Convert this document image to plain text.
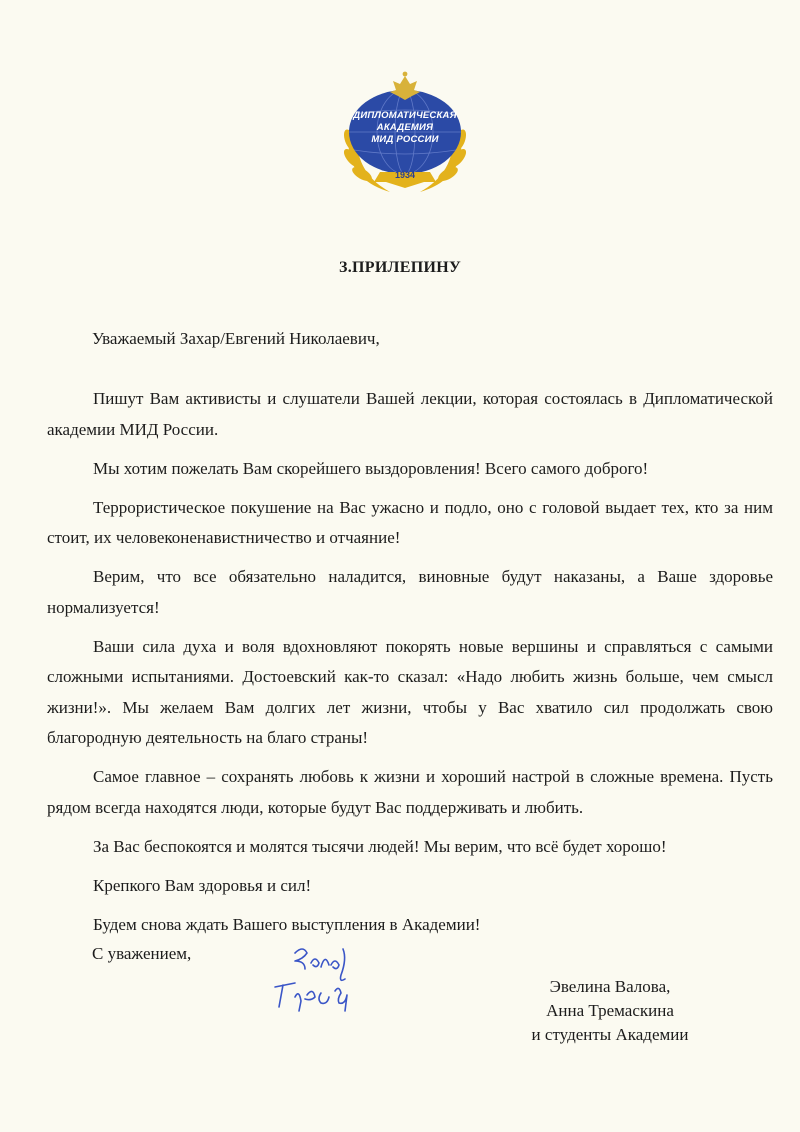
ДИПЛОМАТИЧЕСКАЯ
АКАДЕМИЯ
МИД РОССИИ
1934
З.ПРИЛЕПИНУ
Уважаемый Захар/Евгений Николаевич,

Пишут Вам активисты и слушатели Вашей лекции, которая состоялась в Дипломатической академии МИД России.

Мы хотим пожелать Вам скорейшего выздоровления! Всего самого доброго!

Террористическое покушение на Вас ужасно и подло, оно с головой выдает тех, кто за ним стоит, их человеконенавистничество и отчаяние!

Верим, что все обязательно наладится, виновные будут наказаны, а Ваше здоровье нормализуется!

Ваши сила духа и воля вдохновляют покорять новые вершины и справляться с самыми сложными испытаниями. Достоевский как-то сказал: «Надо любить жизнь больше, чем смысл жизни!». Мы желаем Вам долгих лет жизни, чтобы у Вас хватило сил продолжать свою благородную деятельность на благо страны!

Самое главное – сохранять любовь к жизни и хороший настрой в сложные времена. Пусть рядом всегда находятся люди, которые будут Вас поддерживать и любить.

За Вас беспокоятся и молятся тысячи людей! Мы верим, что всё будет хорошо!

Крепкого Вам здоровья и сил!

Будем снова ждать Вашего выступления в Академии!

С уважением,
Эвелина Валова,
Анна Тремаскина
и студенты Академии
